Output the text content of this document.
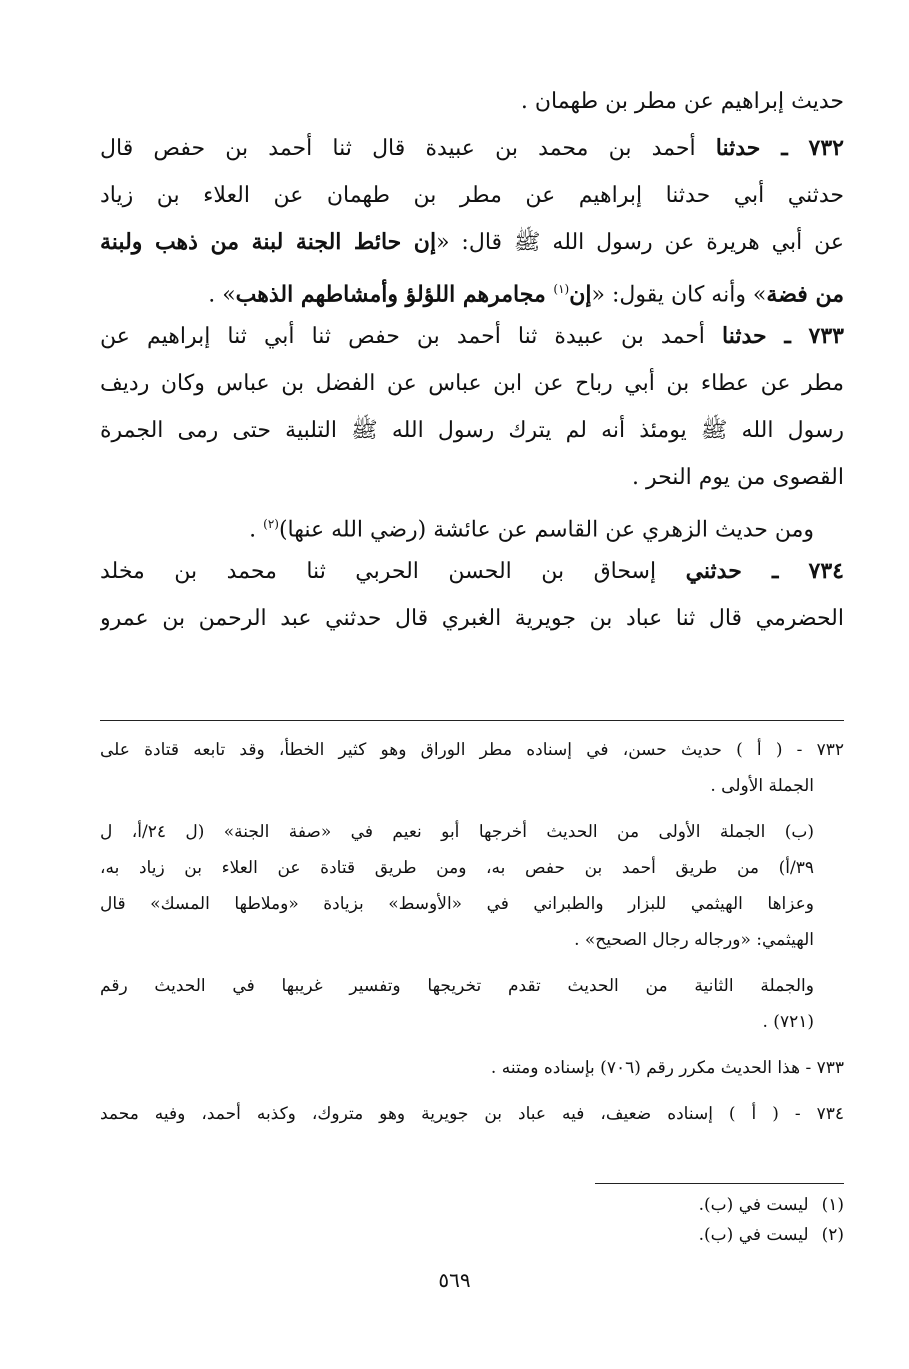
حديث إبراهيم عن مطر بن طهمان .
٧٣٢ ـ حدثنا أحمد بن محمد بن عبيدة قال ثنا أحمد بن حفص قال
حدثني أبي حدثنا إبراهيم عن مطر بن طهمان عن العلاء بن زياد
عن أبي هريرة عن رسول الله ﷺ قال: «إن حائط الجنة لبنة من ذهب ولبنة
من فضة» وأنه كان يقول: «إن$^{(١)}$ مجامرهم اللؤلؤ وأمشاطهم الذهب» .
٧٣٣ ـ حدثنا أحمد بن عبيدة ثنا أحمد بن حفص ثنا أبي ثنا إبراهيم عن
مطر عن عطاء بن أبي رباح عن ابن عباس عن الفضل بن عباس وكان رديف
رسول الله ﷺ يومئذ أنه لم يترك رسول الله ﷺ التلبية حتى رمى الجمرة
القصوى من يوم النحر .
ومن حديث الزهري عن القاسم عن عائشة (رضي الله عنها)$^{(٢)}$ .
٧٣٤ ـ حدثني إسحاق بن الحسن الحربي ثنا محمد بن مخلد
الحضرمي قال ثنا عباد بن جويرية الغبري قال حدثني عبد الرحمن بن عمرو
٧٣٢ - ( أ ) حديث حسن، في إسناده مطر الوراق وهو كثير الخطأ، وقد تابعه قتادة على
الجملة الأولى .
(ب) الجملة الأولى من الحديث أخرجها أبو نعيم في «صفة الجنة» (ل ٢٤/أ، ل
٣٩/أ) من طريق أحمد بن حفص به، ومن طريق قتادة عن العلاء بن زياد به،
وعزاها الهيثمي للبزار والطبراني في «الأوسط» بزيادة «وملاطها المسك» قال
الهيثمي: «ورجاله رجال الصحيح» .
والجملة الثانية من الحديث تقدم تخريجها وتفسير غريبها في الحديث رقم
(٧٢١) .
٧٣٣ - هذا الحديث مكرر رقم (٧٠٦) بإسناده ومتنه .
٧٣٤ - ( أ ) إسناده ضعيف، فيه عباد بن جويرية وهو متروك، وكذبه أحمد، وفيه محمد
(١) ليست في (ب).
(٢) ليست في (ب).
٥٦٩
